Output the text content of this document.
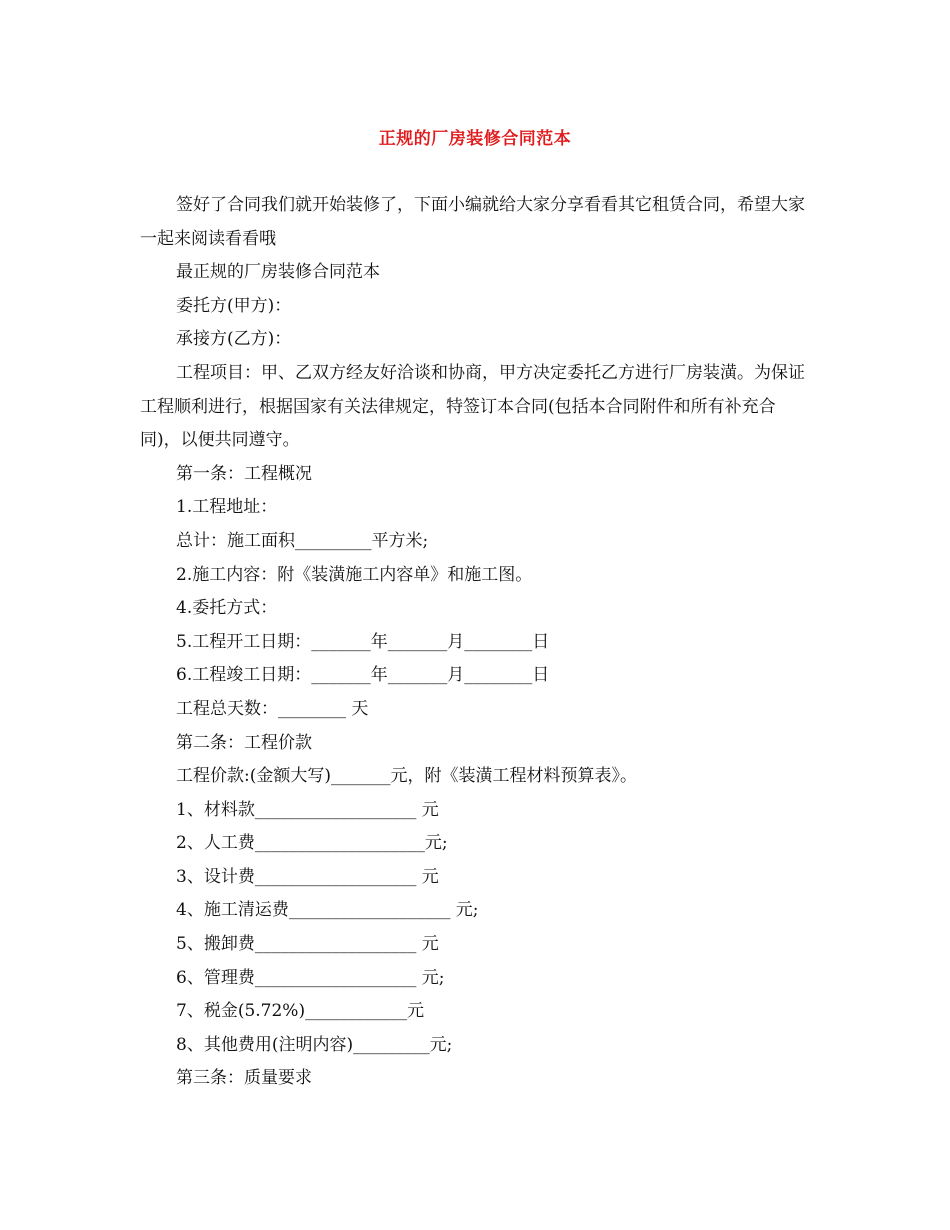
正规的厂房装修合同范本

签好了合同我们就开始装修了，下面小编就给大家分享看看其它租赁合同，希望大家一起来阅读看看哦

最正规的厂房装修合同范本

委托方(甲方)：

承接方(乙方)：

工程项目：甲、乙双方经友好洽谈和协商，甲方决定委托乙方进行厂房装潢。为保证工程顺利进行，根据国家有关法律规定，特签订本合同(包括本合同附件和所有补充合同)，以便共同遵守。

第一条：工程概况

1.工程地址：

总计：施工面积_________平方米;

2.施工内容：附《装潢施工内容单》和施工图。

4.委托方式：

5.工程开工日期：_______年_______月________日

6.工程竣工日期：_______年_______月________日

工程总天数：________ 天

第二条：工程价款

工程价款:(金额大写)_______元，附《装潢工程材料预算表》。

1、材料款___________________ 元

2、人工费____________________元;

3、设计费___________________ 元

4、施工清运费___________________ 元;

5、搬卸费___________________ 元

6、管理费___________________ 元;

7、税金(5.72%)____________元

8、其他费用(注明内容)_________元;

第三条：质量要求
